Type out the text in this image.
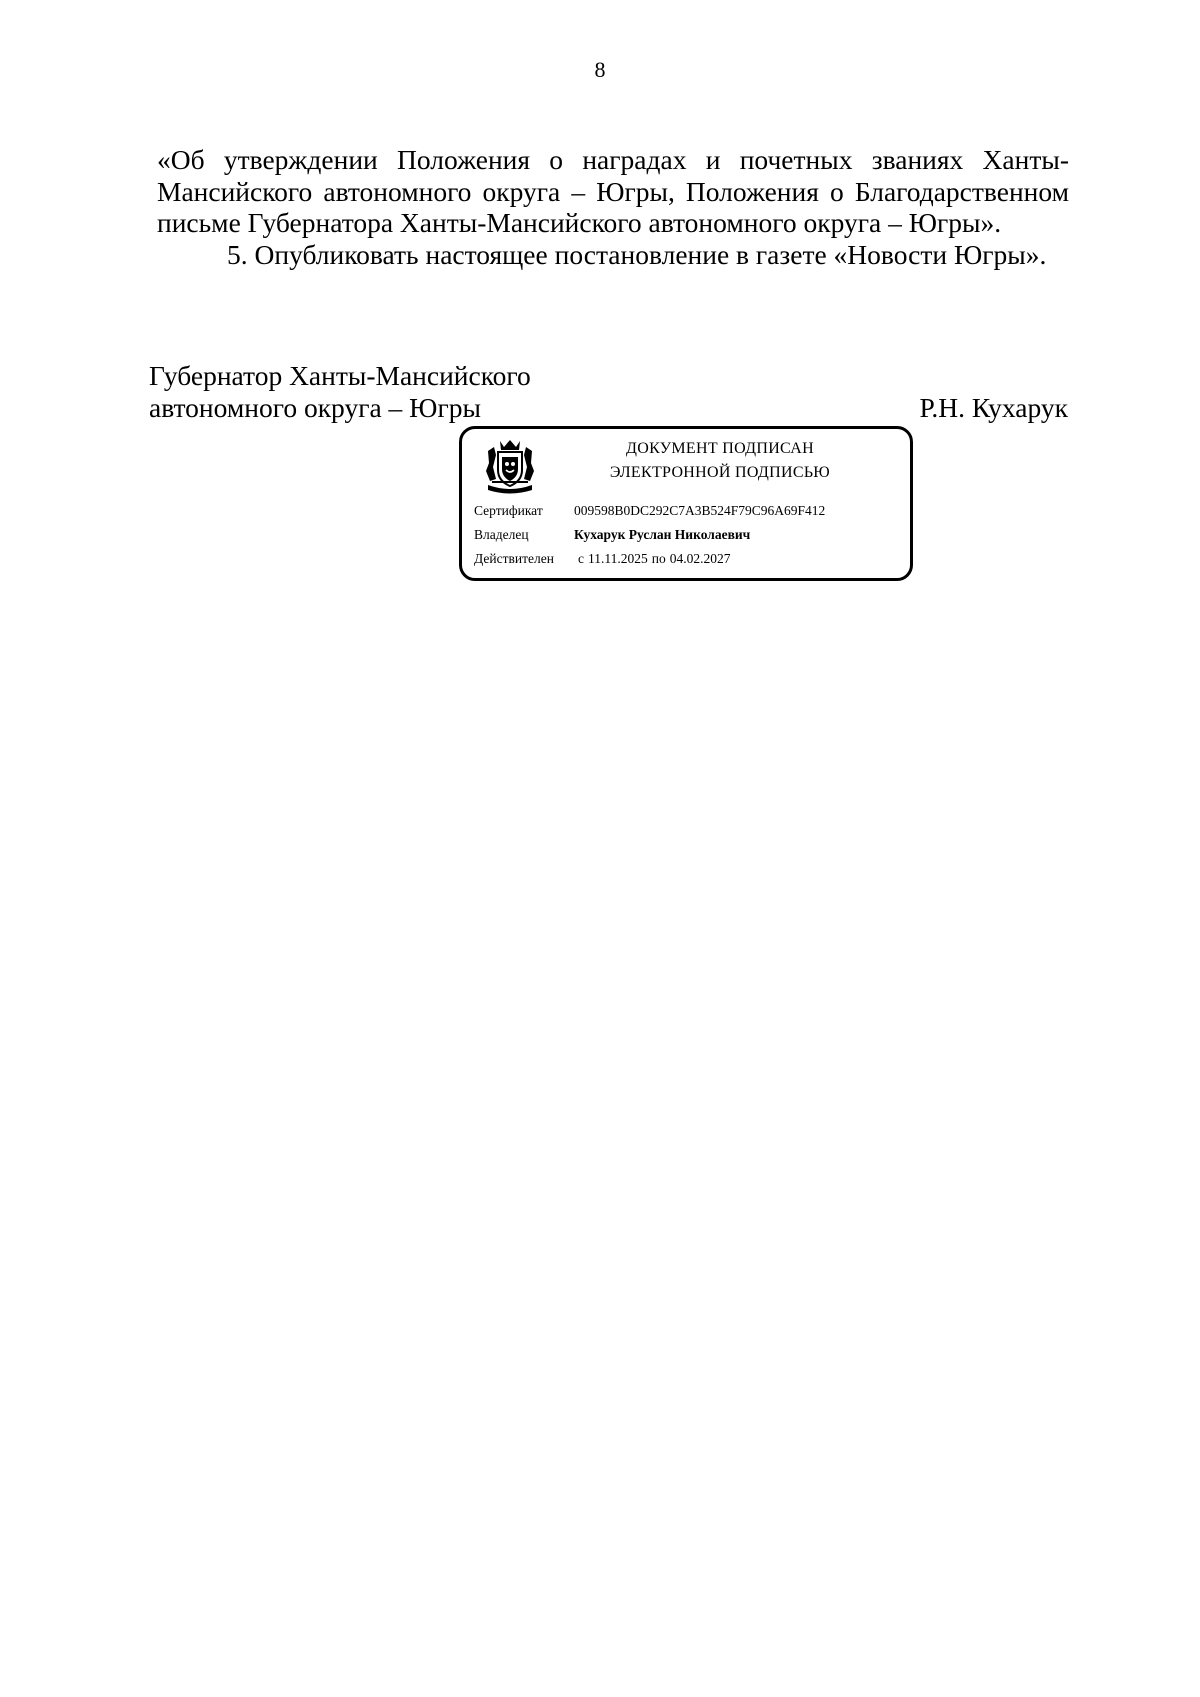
8
«Об утверждении Положения о наградах и почетных званиях Ханты-
Мансийского автономного округа – Югры, Положения о Благодарственном
письме Губернатора Ханты-Мансийского автономного округа – Югры».
5. Опубликовать настоящее постановление в газете «Новости Югры».
Губернатор Ханты-Мансийского
автономного округа – Югры	Р.Н. Кухарук
ДОКУМЕНТ ПОДПИСАН
ЭЛЕКТРОННОЙ ПОДПИСЬЮ
Сертификат 009598B0DC292C7A3B524F79C96A69F412
Владелец	Кухарук Руслан Николаевич
Действителен с 11.11.2025 по 04.02.2027
